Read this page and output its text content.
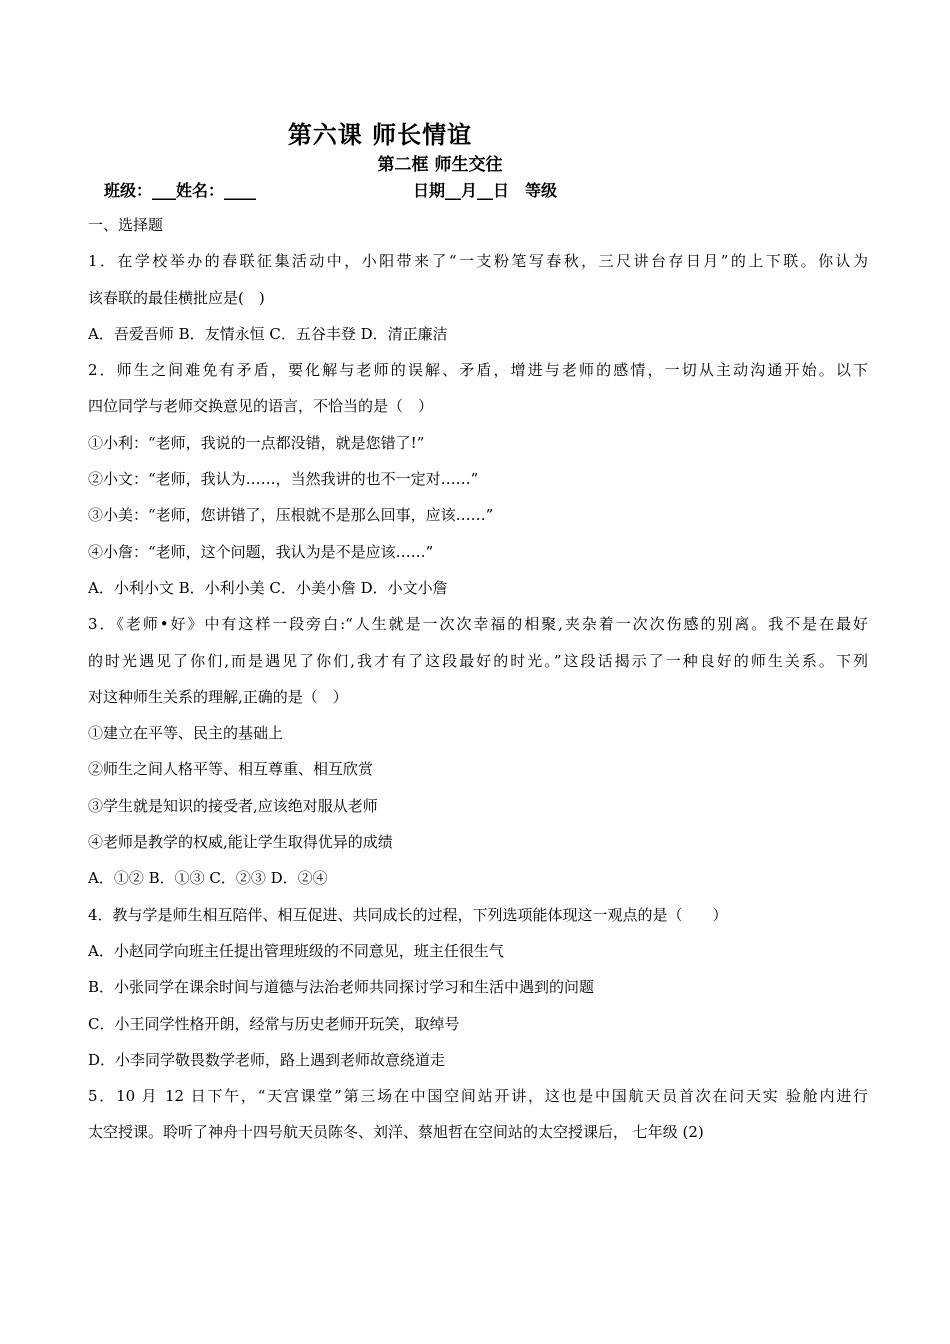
第六课 师长情谊
第二框 师生交往
班级：___姓名：____	日期__月__日　等级
一、选择题
1．在学校举办的春联征集活动中，小阳带来了“一支粉笔写春秋，三尺讲台存日月”的上下联。你认为
该春联的最佳横批应是(　)
A．吾爱吾师 B．友情永恒 C．五谷丰登 D．清正廉洁
2．师生之间难免有矛盾，要化解与老师的误解、矛盾，增进与老师的感情，一切从主动沟通开始。以下
四位同学与老师交换意见的语言，不恰当的是（　）
①小利：“老师，我说的一点都没错，就是您错了!”
②小文：“老师，我认为……，当然我讲的也不一定对……”
③小美：“老师，您讲错了，压根就不是那么回事，应该……”
④小詹：“老师，这个问题，我认为是不是应该……”
A．小利小文 B．小利小美 C．小美小詹 D．小文小詹
3．《老师•好》中有这样一段旁白:“人生就是一次次幸福的相聚,夹杂着一次次伤感的别离。我不是在最好
的时光遇见了你们,而是遇见了你们,我才有了这段最好的时光。”这段话揭示了一种良好的师生关系。下列
对这种师生关系的理解,正确的是（　）
①建立在平等、民主的基础上
②师生之间人格平等、相互尊重、相互欣赏
③学生就是知识的接受者,应该绝对服从老师
④老师是教学的权威,能让学生取得优异的成绩
A．①② B．①③ C．②③ D．②④
4．教与学是师生相互陪伴、相互促进、共同成长的过程，下列选项能体现这一观点的是（　　）
A．小赵同学向班主任提出管理班级的不同意见，班主任很生气
B．小张同学在课余时间与道德与法治老师共同探讨学习和生活中遇到的问题
C．小王同学性格开朗，经常与历史老师开玩笑，取绰号
D．小李同学敬畏数学老师，路上遇到老师故意绕道走
5．10 月 12 日下午，“天宫课堂”第三场在中国空间站开讲，这也是中国航天员首次在问天实 验舱内进行
太空授课。聆听了神舟十四号航天员陈冬、刘洋、蔡旭哲在空间站的太空授课后， 七年级 (2)
